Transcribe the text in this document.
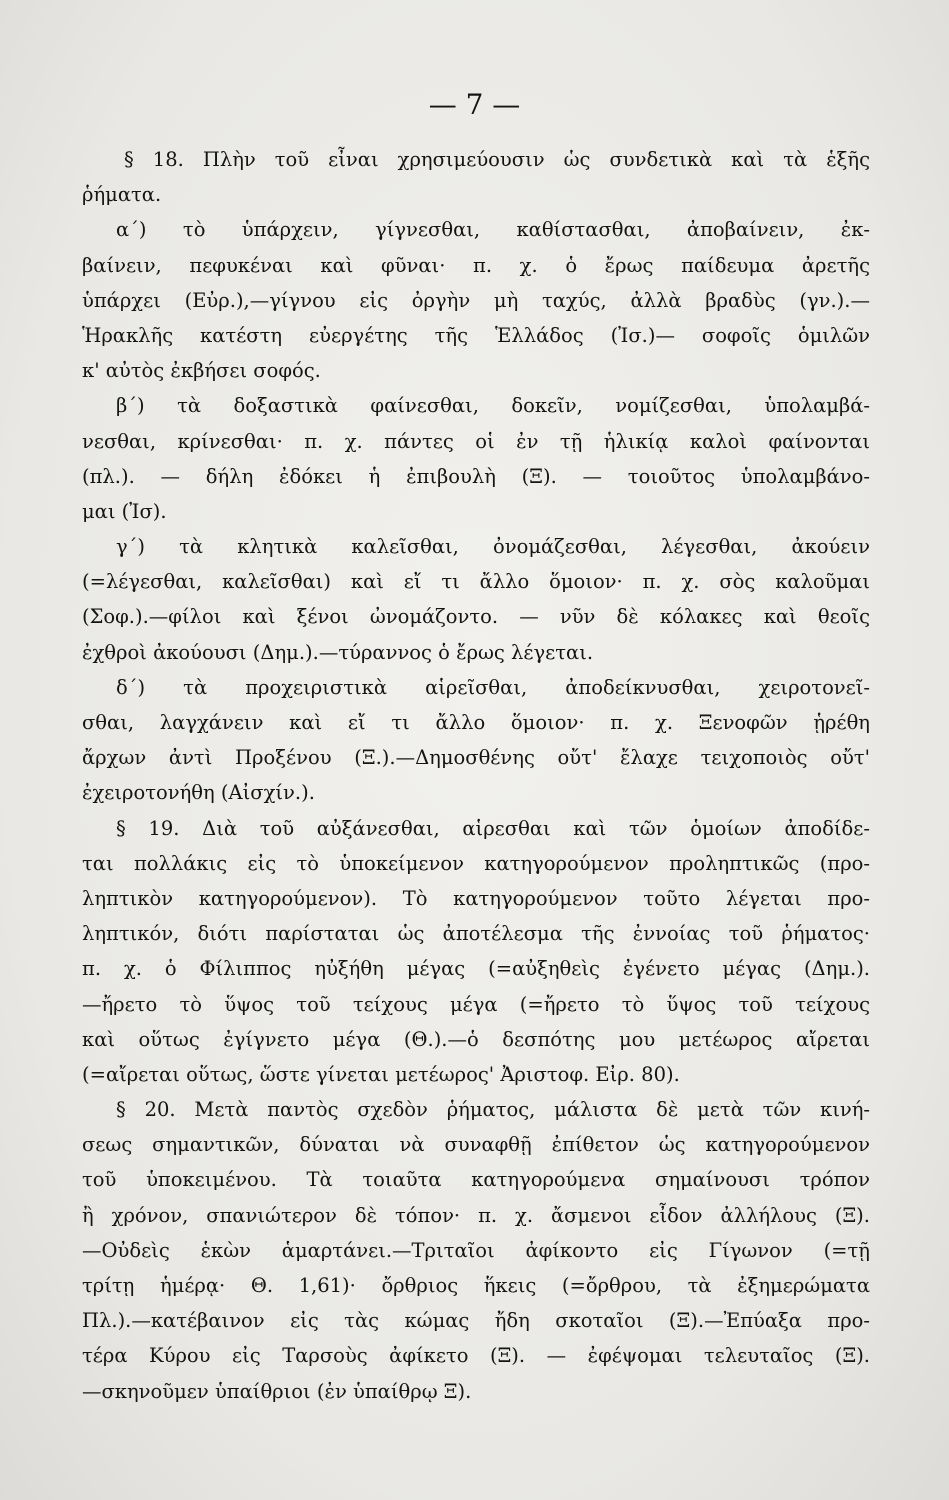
— 7 —
§ 18. Πλὴν τοῦ εἶναι χρησιμεύουσιν ὡς συνδετικὰ καὶ τὰ ἑξῆς
ῥήματα.
α΄) τὸ ὑπάρχειν, γίγνεσθαι, καθίστασθαι, ἀποβαίνειν, ἐκ-
βαίνειν, πεφυκέναι καὶ φῦναι· π. χ. ὁ ἔρως παίδευμα ἀρετῆς
ὑπάρχει (Εὐρ.),—γίγνου εἰς ὀργὴν μὴ ταχύς, ἀλλὰ βραδὺς (γν.).—
Ἡρακλῆς κατέστη εὐεργέτης τῆς Ἑλλάδος (Ἰσ.)— σοφοῖς ὁμιλῶν
κ' αὐτὸς ἐκβήσει σοφός.
β΄) τὰ δοξαστικὰ φαίνεσθαι, δοκεῖν, νομίζεσθαι, ὑπολαμβά-
νεσθαι, κρίνεσθαι· π. χ. πάντες οἱ ἐν τῇ ἡλικίᾳ καλοὶ φαίνονται
(πλ.). — δήλη ἐδόκει ἡ ἐπιβουλὴ (Ξ). — τοιοῦτος ὑπολαμβάνο-
μαι (Ἰσ).
γ΄) τὰ κλητικὰ καλεῖσθαι, ὀνομάζεσθαι, λέγεσθαι, ἀκούειν
(=λέγεσθαι, καλεῖσθαι) καὶ εἴ τι ἄλλο ὅμοιον· π. χ. σὸς καλοῦμαι
(Σοφ.).—φίλοι καὶ ξένοι ὠνομάζοντο. — νῦν δὲ κόλακες καὶ θεοῖς
ἐχθροὶ ἀκούουσι (Δημ.).—τύραννος ὁ ἔρως λέγεται.
δ΄) τὰ προχειριστικὰ αἱρεῖσθαι, ἀποδείκνυσθαι, χειροτονεῖ-
σθαι, λαγχάνειν καὶ εἴ τι ἄλλο ὅμοιον· π. χ. Ξενοφῶν ᾑρέθη
ἄρχων ἀντὶ Προξένου (Ξ.).—Δημοσθένης οὔτ' ἔλαχε τειχοποιὸς οὔτ'
ἐχειροτονήθη (Αἰσχίν.).
§ 19. Διὰ τοῦ αὐξάνεσθαι, αἱρεσθαι καὶ τῶν ὁμοίων ἀποδίδε-
ται πολλάκις εἰς τὸ ὑποκείμενον κατηγορούμενον προληπτικῶς (προ-
ληπτικὸν κατηγορούμενον). Τὸ κατηγορούμενον τοῦτο λέγεται προ-
ληπτικόν, διότι παρίσταται ὡς ἀποτέλεσμα τῆς ἐννοίας τοῦ ῥήματος·
π. χ. ὁ Φίλιππος ηὐξήθη μέγας (=αὐξηθεὶς ἐγένετο μέγας (Δημ.).
—ἤρετο τὸ ὕψος τοῦ τείχους μέγα (=ἤρετο τὸ ὕψος τοῦ τείχους
καὶ οὕτως ἐγίγνετο μέγα (Θ.).—ὁ δεσπότης μου μετέωρος αἴρεται
(=αἴρεται οὕτως, ὥστε γίνεται μετέωρος' Ἀριστοφ. Εἰρ. 80).
§ 20. Μετὰ παντὸς σχεδὸν ῥήματος, μάλιστα δὲ μετὰ τῶν κινή-
σεως σημαντικῶν, δύναται νὰ συναφθῇ ἐπίθετον ὡς κατηγορούμενον
τοῦ ὑποκειμένου. Τὰ τοιαῦτα κατηγορούμενα σημαίνουσι τρόπον
ἢ χρόνον, σπανιώτερον δὲ τόπον· π. χ. ἄσμενοι εἶδον ἀλλήλους (Ξ).
—Οὐδεὶς ἑκὼν ἁμαρτάνει.—Τριταῖοι ἀφίκοντο εἰς Γίγωνον (=τῇ
τρίτῃ ἡμέρᾳ· Θ. 1,61)· ὄρθριος ἥκεις (=ὄρθρου, τὰ ἐξημερώματα
Πλ.).—κατέβαινον εἰς τὰς κώμας ἤδη σκοταῖοι (Ξ).—Ἐπύαξα προ-
τέρα Κύρου εἰς Ταρσοὺς ἀφίκετο (Ξ). — ἐφέψομαι τελευταῖος (Ξ).
—σκηνοῦμεν ὑπαίθριοι (ἐν ὑπαίθρῳ Ξ).
